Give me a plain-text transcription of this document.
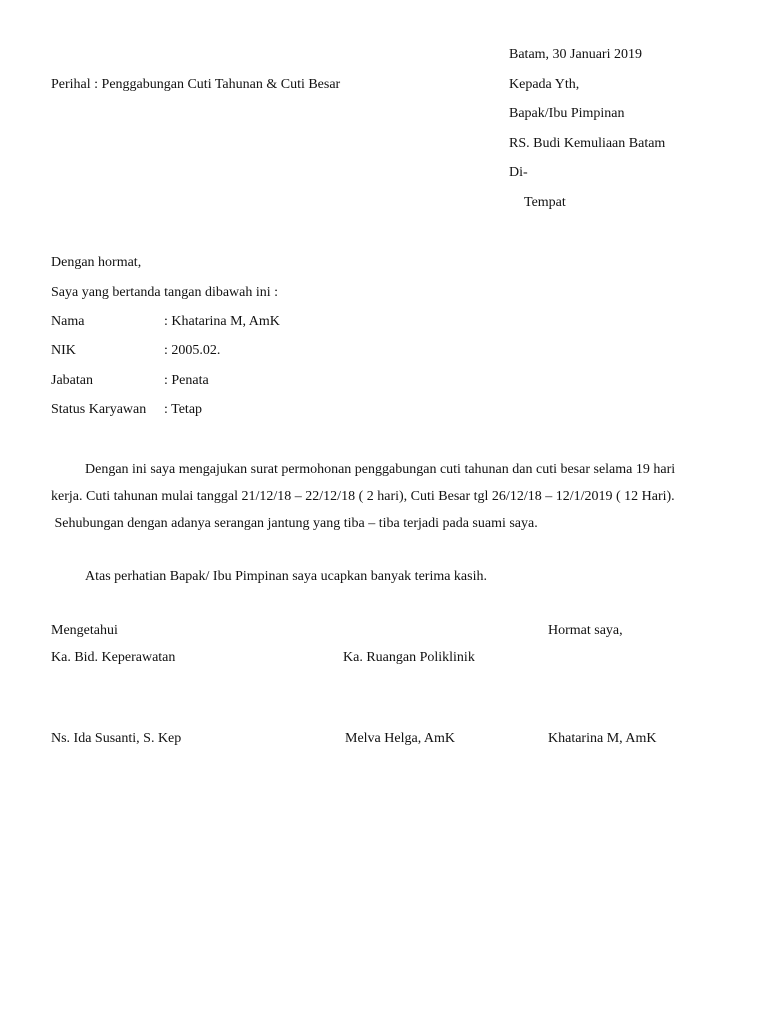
Batam, 30 Januari 2019
Perihal : Penggabungan Cuti Tahunan & Cuti Besar	Kepada Yth,
Bapak/Ibu Pimpinan
RS. Budi Kemuliaan Batam
Di-
Tempat
Dengan hormat,
Saya yang bertanda tangan dibawah ini :
Nama	: Khatarina M, AmK
NIK	: 2005.02.
Jabatan	: Penata
Status Karyawan : Tetap
Dengan ini saya mengajukan surat permohonan penggabungan cuti tahunan dan cuti besar selama 19 hari
kerja. Cuti tahunan mulai tanggal 21/12/18 – 22/12/18 ( 2 hari), Cuti Besar tgl 26/12/18 – 12/1/2019 ( 12 Hari).
Sehubungan dengan adanya serangan jantung yang tiba – tiba terjadi pada suami saya.
Atas perhatian Bapak/ Ibu Pimpinan saya ucapkan banyak terima kasih.
Mengetahui	Hormat saya,
Ka. Bid. Keperawatan	Ka. Ruangan Poliklinik
Ns. Ida Susanti, S. Kep	Melva Helga, AmK	Khatarina M, AmK
